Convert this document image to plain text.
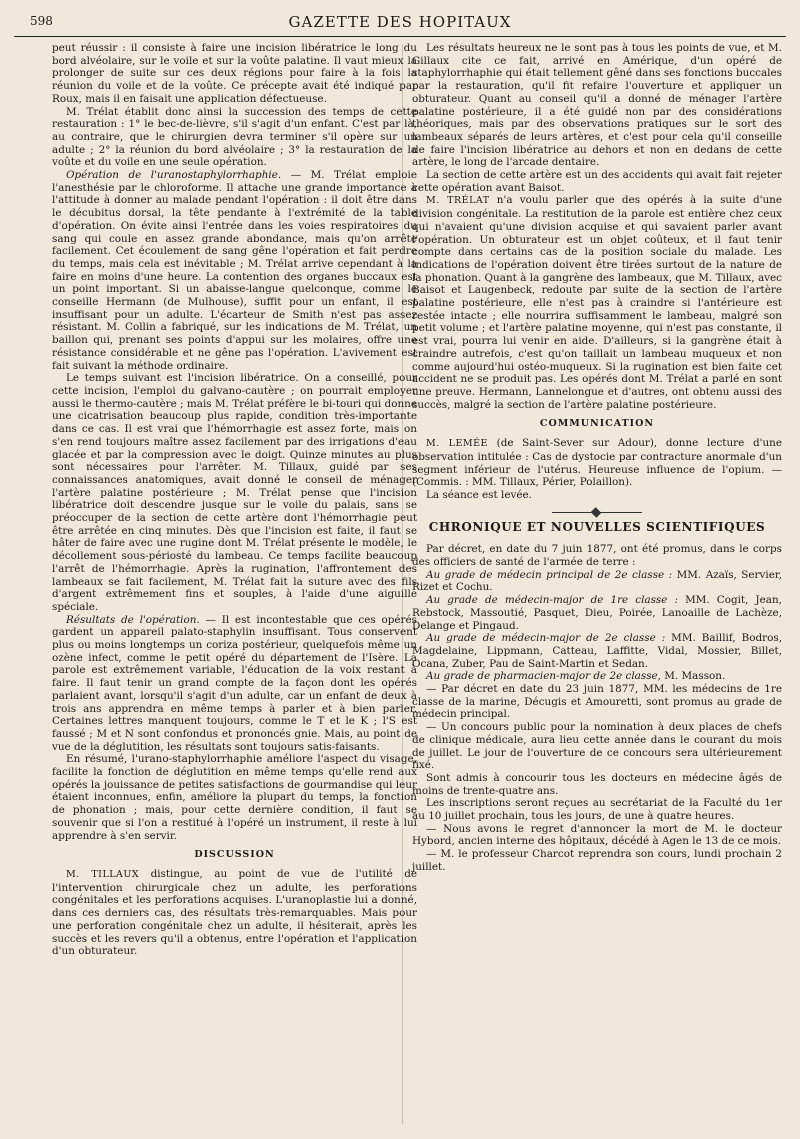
598	GAZETTE DES HOPITAUX

peut réussir : il consiste à faire une incision libératrice le long du bord alvéolaire, sur le voile et sur la voûte palatine. Il vaut mieux la prolonger de suite sur ces deux régions pour faire à la fois la réunion du voile et de la voûte. Ce précepte avait été indiqué par Roux, mais il en faisait une application défectueuse.

M. Trélat établit donc ainsi la succession des temps de cette restauration : 1° le bec-de-lièvre, s'il s'agit d'un enfant. C'est par là, au contraire, que le chirurgien devra terminer s'il opère sur un adulte ; 2° la réunion du bord alvéolaire ; 3° la restauration de la voûte et du voile en une seule opération.

Opération de l'uranostaphylorrhaphie. — M. Trélat emploie l'anesthésie par le chloroforme. Il attache une grande importance à l'attitude à donner au malade pendant l'opération : il doit être dans le décubitus dorsal, la tête pendante à l'extrémité de la table d'opération. On évite ainsi l'entrée dans les voies respiratoires du sang qui coule en assez grande abondance, mais qu'on arrête facilement. Cet écoulement de sang gêne l'opération et fait perdre du temps, mais cela est inévitable ; M. Trélat arrive cependant à la faire en moins d'une heure. La contention des organes buccaux est un point important. Si un abaisse-langue quelconque, comme le conseille Hermann (de Mulhouse), suffit pour un enfant, il est insuffisant pour un adulte. L'écarteur de Smith n'est pas assez résistant. M. Collin a fabriqué, sur les indications de M. Trélat, un baillon qui, prenant ses points d'appui sur les molaires, offre une résistance considérable et ne gêne pas l'opération. L'avivement est fait suivant la méthode ordinaire.

Le temps suivant est l'incision libératrice. On a conseillé, pour cette incision, l'emploi du galvano-cautère ; on pourrait employer aussi le thermo-cautère ; mais M. Trélat préfère le bi-touri qui donne une cicatrisation beaucoup plus rapide, condition très-importante dans ce cas. Il est vrai que l'hémorrhagie est assez forte, mais on s'en rend toujours maître assez facilement par des irrigations d'eau glacée et par la compression avec le doigt. Quinze minutes au plus sont nécessaires pour l'arrêter. M. Tillaux, guidé par ses connaissances anatomiques, avait donné le conseil de ménager l'artère palatine postérieure ; M. Trélat pense que l'incision libératrice doit descendre jusque sur le voile du palais, sans se préoccuper de la section de cette artère dont l'hémorrhagie peut être arrêtée en cinq minutes. Dès que l'incision est faite, il faut se hâter de faire avec une rugine dont M. Trélat présente le modèle, le décollement sous-périosté du lambeau. Ce temps facilite beaucoup l'arrêt de l'hémorrhagie. Après la rugination, l'affrontement des lambeaux se fait facilement, M. Trélat fait la suture avec des fils d'argent extrêmement fins et souples, à l'aide d'une aiguille spéciale.

Résultats de l'opération. — Il est incontestable que ces opérés gardent un appareil palato-staphylin insuffisant. Tous conservent plus ou moins longtemps un coriza postérieur, quelquefois même un ozène infect, comme le petit opéré du département de l'Isère. La parole est extrêmement variable, l'éducation de la voix restant à faire. Il faut tenir un grand compte de la façon dont les opérés parlaient avant, lorsqu'il s'agit d'un adulte, car un enfant de deux à trois ans apprendra en même temps à parler et à bien parler. Certaines lettres manquent toujours, comme le T et le K ; l'S est faussé ; M et N sont confondus et prononcés gnie. Mais, au point de vue de la déglutition, les résultats sont toujours satis-faisants.

En résumé, l'urano-staphylorrhaphie améliore l'aspect du visage, facilite la fonction de déglutition en même temps qu'elle rend aux opérés la jouissance de petites satisfactions de gourmandise qui leur étaient inconnues, enfin, améliore la plupart du temps, la fonction de phonation ; mais, pour cette dernière condition, il faut se souvenir que si l'on a restitué à l'opéré un instrument, il reste à lui apprendre à s'en servir.

DISCUSSION

M. TILLAUX distingue, au point de vue de l'utilité de l'intervention chirurgicale chez un adulte, les perforations congénitales et les perforations acquises. L'uranoplastie lui a donné, dans ces derniers cas, des résultats très-remarquables. Mais pour une perforation congénitale chez un adulte, il hésiterait, après les succès et les revers qu'il a obtenus, entre l'opération et l'application d'un obturateur.

Les résultats heureux ne le sont pas à tous les points de vue, et M. Gillaux cite ce fait, arrivé en Amérique, d'un opéré de staphylorrhaphie qui était tellement gêné dans ses fonctions buccales par la restauration, qu'il fit refaire l'ouverture et appliquer un obturateur. Quant au conseil qu'il a donné de ménager l'artère palatine postérieure, il a été guidé non par des considérations théoriques, mais par des observations pratiques sur le sort des lambeaux séparés de leurs artères, et c'est pour cela qu'il conseille de faire l'incision libératrice au dehors et non en dedans de cette artère, le long de l'arcade dentaire.

La section de cette artère est un des accidents qui avait fait rejeter cette opération avant Baisot.

M. TRÉLAT n'a voulu parler que des opérés à la suite d'une division congénitale. La restitution de la parole est entière chez ceux qui n'avaient qu'une division acquise et qui savaient parler avant l'opération. Un obturateur est un objet coûteux, et il faut tenir compte dans certains cas de la position sociale du malade. Les indications de l'opération doivent être tirées surtout de la nature de la phonation. Quant à la gangrène des lambeaux, que M. Tillaux, avec Baisot et Laugenbeck, redoute par suite de la section de l'artère palatine postérieure, elle n'est pas à craindre si l'antérieure est restée intacte ; elle nourrira suffisamment le lambeau, malgré son petit volume ; et l'artère palatine moyenne, qui n'est pas constante, il est vrai, pourra lui venir en aide. D'ailleurs, si la gangrène était à craindre autrefois, c'est qu'on taillait un lambeau muqueux et non comme aujourd'hui ostéo-muqueux. Si la rugination est bien faite cet accident ne se produit pas. Les opérés dont M. Trélat a parlé en sont une preuve. Hermann, Lannelongue et d'autres, ont obtenu aussi des succès, malgré la section de l'artère palatine postérieure.

COMMUNICATION

M. LEMÉE (de Saint-Sever sur Adour), donne lecture d'une observation intitulée : Cas de dystocie par contracture anormale d'un segment inférieur de l'utérus. Heureuse influence de l'opium. — (Commis. : MM. Tillaux, Périer, Polaillon).

La séance est levée.

CHRONIQUE ET NOUVELLES SCIENTIFIQUES

Par décret, en date du 7 juin 1877, ont été promus, dans le corps des officiers de santé de l'armée de terre :

Au grade de médecin principal de 2e classe : MM. Azaïs, Servier, Rizet et Cochu.

Au grade de médecin-major de 1re classe : MM. Cogit, Jean, Rebstock, Massoutié, Pasquet, Dieu, Poirée, Lanoaille de Lachèze, Delange et Pingaud.

Au grade de médecin-major de 2e classe : MM. Baillif, Bodros, Magdelaine, Lippmann, Catteau, Laffitte, Vidal, Mossier, Billet, Ocana, Zuber, Pau de Saint-Martin et Sedan.

Au grade de pharmacien-major de 2e classe, M. Masson.

— Par décret en date du 23 juin 1877, MM. les médecins de 1re classe de la marine, Décugis et Amouretti, sont promus au grade de médecin principal.

— Un concours public pour la nomination à deux places de chefs de clinique médicale, aura lieu cette année dans le courant du mois de juillet. Le jour de l'ouverture de ce concours sera ultérieurement fixé.

Sont admis à concourir tous les docteurs en médecine âgés de moins de trente-quatre ans.

Les inscriptions seront reçues au secrétariat de la Faculté du 1er au 10 juillet prochain, tous les jours, de une à quatre heures.

— Nous avons le regret d'annoncer la mort de M. le docteur Hybord, ancien interne des hôpitaux, décédé à Agen le 13 de ce mois.

— M. le professeur Charcot reprendra son cours, lundi prochain 2 juillet.
